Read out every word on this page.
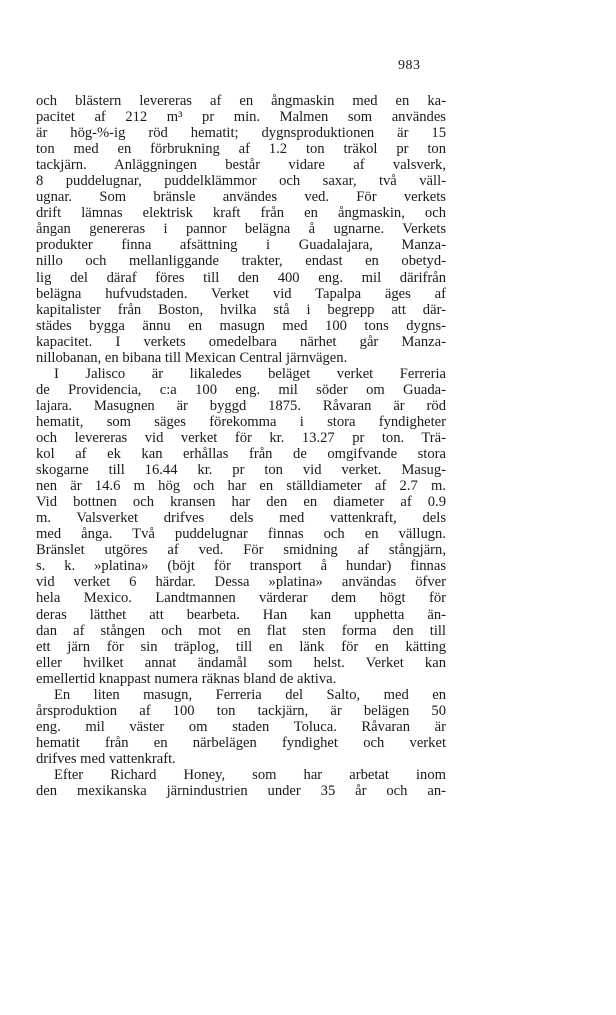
983
och blästern levereras af en ångmaskin med en ka-
pacitet af 212 m³ pr min. Malmen som användes
är hög-%-ig röd hematit; dygnsproduktionen är 15
ton med en förbrukning af 1.2 ton träkol pr ton
tackjärn. Anläggningen består vidare af valsverk,
8 puddelugnar, puddelklämmor och saxar, två väll-
ugnar. Som bränsle användes ved. För verkets
drift lämnas elektrisk kraft från en ångmaskin, och
ångan genereras i pannor belägna å ugnarne. Verkets
produkter finna afsättning i Guadalajara, Manza-
nillo och mellanliggande trakter, endast en obetyd-
lig del däraf föres till den 400 eng. mil därifrån
belägna hufvudstaden. Verket vid Tapalpa äges af
kapitalister från Boston, hvilka stå i begrepp att där-
städes bygga ännu en masugn med 100 tons dygns-
kapacitet. I verkets omedelbara närhet går Manza-
nillobanan, en bibana till Mexican Central järnvägen.
I Jalisco är likaledes beläget verket Ferreria
de Providencia, c:a 100 eng. mil söder om Guada-
lajara. Masugnen är byggd 1875. Råvaran är röd
hematit, som säges förekomma i stora fyndigheter
och levereras vid verket för kr. 13.27 pr ton. Trä-
kol af ek kan erhållas från de omgifvande stora
skogarne till 16.44 kr. pr ton vid verket. Masug-
nen är 14.6 m hög och har en ställdiameter af 2.7 m.
Vid bottnen och kransen har den en diameter af 0.9
m. Valsverket drifves dels med vattenkraft, dels
med ånga. Två puddelugnar finnas och en vällugn.
Bränslet utgöres af ved. För smidning af stångjärn,
s. k. »platina» (böjt för transport å hundar) finnas
vid verket 6 härdar. Dessa »platina» användas öfver
hela Mexico. Landtmannen värderar dem högt för
deras lätthet att bearbeta. Han kan upphetta än-
dan af stången och mot en flat sten forma den till
ett järn för sin träplog, till en länk för en kätting
eller hvilket annat ändamål som helst. Verket kan
emellertid knappast numera räknas bland de aktiva.
En liten masugn, Ferreria del Salto, med en
årsproduktion af 100 ton tackjärn, är belägen 50
eng. mil väster om staden Toluca. Råvaran är
hematit från en närbelägen fyndighet och verket
drifves med vattenkraft.
Efter Richard Honey, som har arbetat inom
den mexikanska järnindustrien under 35 år och an-
